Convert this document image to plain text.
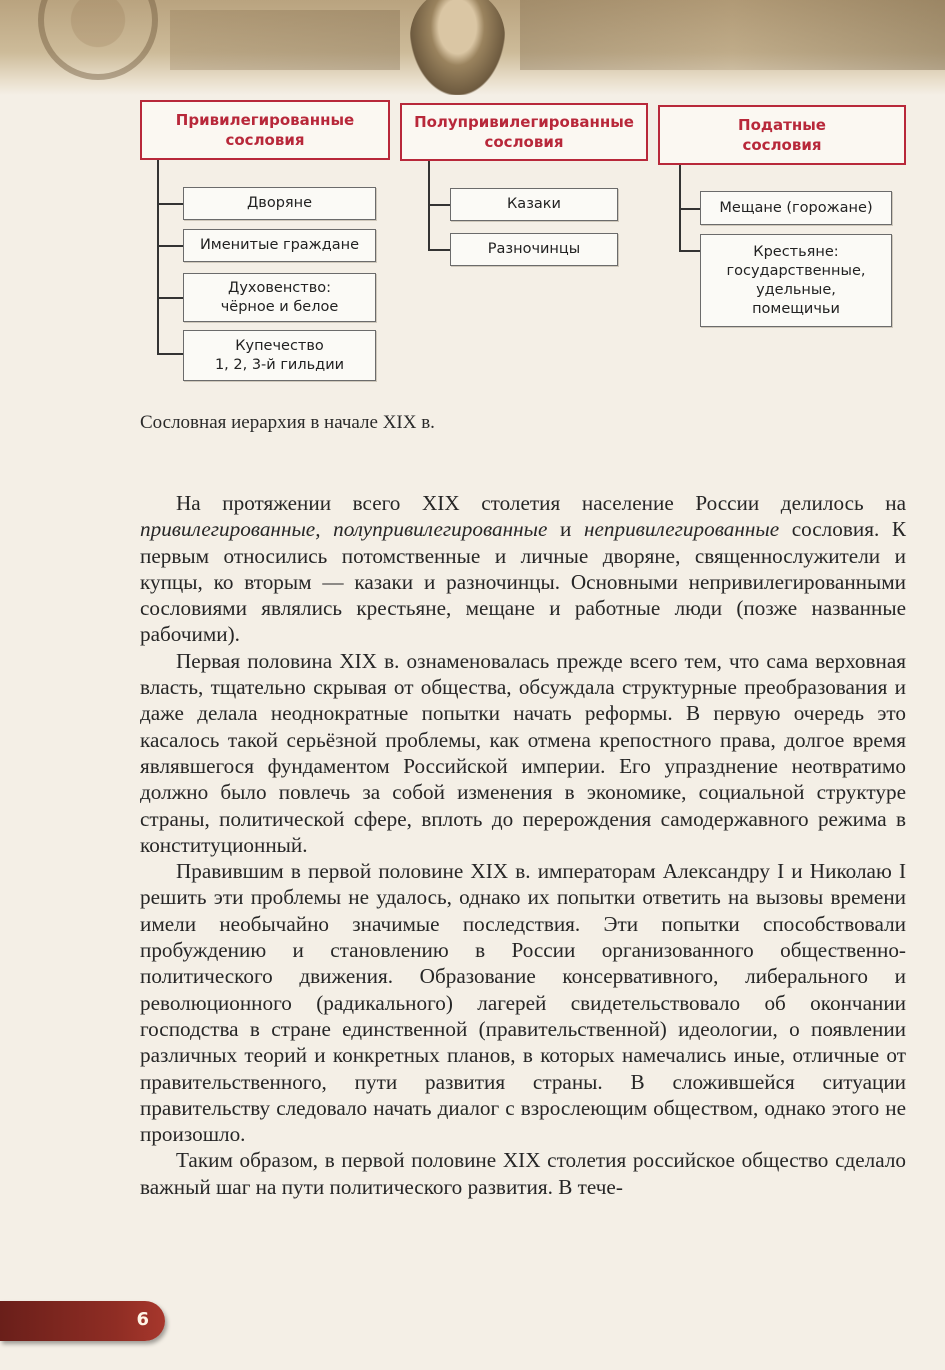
Привилегированные
сословия
Дворяне
Именитые граждане
Духовенство:
чёрное и белое
Купечество
1, 2, 3-й гильдии
Полупривилегированные
сословия
Казаки
Разночинцы
Податные
сословия
Мещане (горожане)
Крестьяне:
государственные,
удельные,
помещичьи
Сословная иерархия в начале XIX в.

На протяжении всего XIX столетия население России делилось на привилегированные, полупривилегированные и непривилегированные сословия. К первым относились потомственные и личные дворяне, священнослужители и купцы, ко вторым — казаки и разночинцы. Основными непривилегированными сословиями являлись крестьяне, мещане и работные люди (позже названные рабочими).

Первая половина XIX в. ознаменовалась прежде всего тем, что сама верховная власть, тщательно скрывая от общества, обсуждала структурные преобразования и даже делала неоднократные попытки начать реформы. В первую очередь это касалось такой серьёзной проблемы, как отмена крепостного права, долгое время являвшегося фундаментом Российской империи. Его упразднение неотвратимо должно было повлечь за собой изменения в экономике, социальной структуре страны, политической сфере, вплоть до перерождения самодержавного режима в конституционный.

Правившим в первой половине XIX в. императорам Александру I и Николаю I решить эти проблемы не удалось, однако их попытки ответить на вызовы времени имели необычайно значимые последствия. Эти попытки способствовали пробуждению и становлению в России организованного общественно-политического движения. Образование консервативного, либерального и революционного (радикального) лагерей свидетельствовало об окончании господства в стране единственной (правительственной) идеологии, о появлении различных теорий и конкретных планов, в которых намечались иные, отличные от правительственного, пути развития страны. В сложившейся ситуации правительству следовало начать диалог с взрослеющим обществом, однако этого не произошло.

Таким образом, в первой половине XIX столетия российское общество сделало важный шаг на пути политического развития. В тече-

6
